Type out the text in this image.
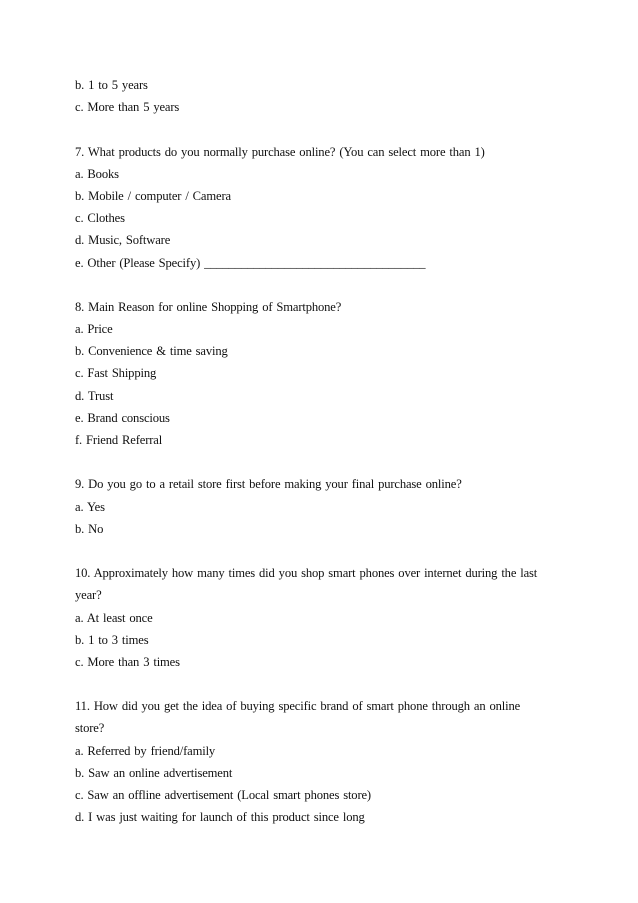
b. 1 to 5 years

c. More than 5 years

7. What products do you normally purchase online? (You can select more than 1)

a. Books

b. Mobile / computer / Camera

c. Clothes

d. Music, Software

e. Other (Please Specify) ____________________________________

8. Main Reason for online Shopping of Smartphone?

a. Price

b. Convenience & time saving

c. Fast Shipping

d. Trust

e. Brand conscious

f. Friend Referral

9. Do you go to a retail store first before making your final purchase online?

a. Yes

b. No

10. Approximately how many times did you shop smart phones over internet during the last

year?

a. At least once

b. 1 to 3 times

c. More than 3 times

11. How did you get the idea of buying specific brand of smart phone through an online

store?

a. Referred by friend/family

b. Saw an online advertisement

c. Saw an offline advertisement (Local smart phones store)

d. I was just waiting for launch of this product since long
